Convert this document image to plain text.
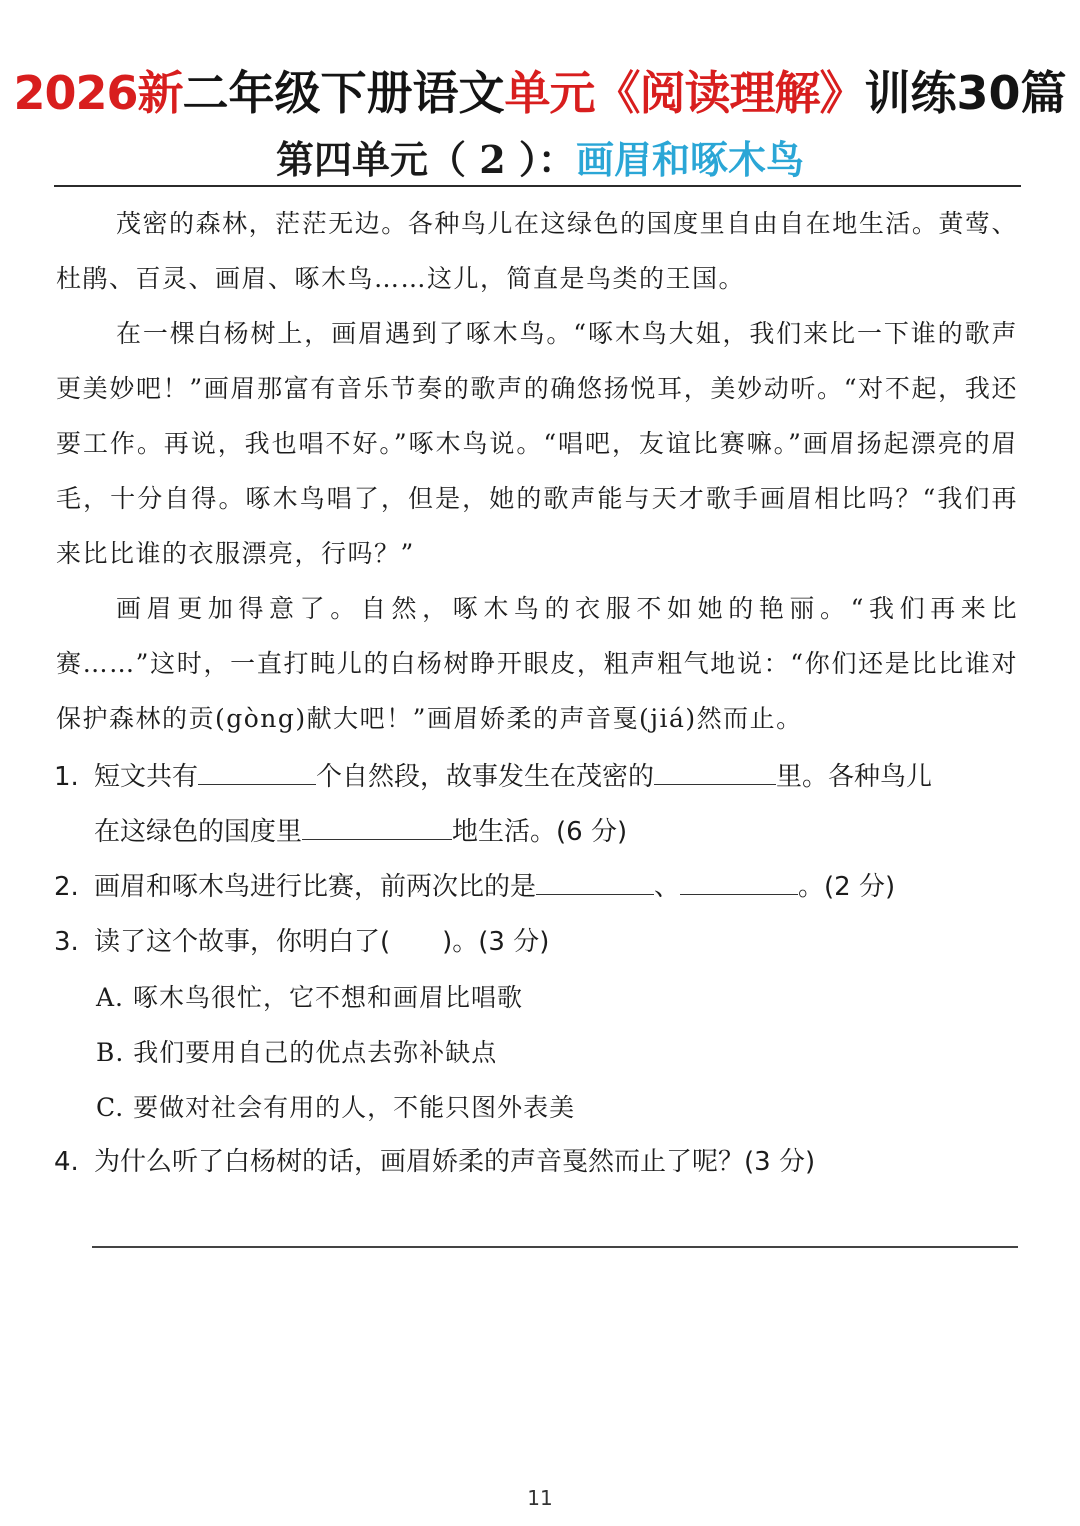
2026新二年级下册语文单元《阅读理解》训练30篇
第四单元（ 2 ）：画眉和啄木鸟

茂密的森林，茫茫无边。各种鸟儿在这绿色的国度里自由自在地生活。黄莺、杜鹃、百灵、画眉、啄木鸟……这儿，简直是鸟类的王国。

在一棵白杨树上，画眉遇到了啄木鸟。“啄木鸟大姐，我们来比一下谁的歌声更美妙吧！”画眉那富有音乐节奏的歌声的确悠扬悦耳，美妙动听。“对不起，我还要工作。再说，我也唱不好。”啄木鸟说。“唱吧，友谊比赛嘛。”画眉扬起漂亮的眉毛，十分自得。啄木鸟唱了，但是，她的歌声能与天才歌手画眉相比吗？“我们再来比比谁的衣服漂亮，行吗？”

画眉更加得意了。自然，啄木鸟的衣服不如她的艳丽。“我们再来比赛……”这时，一直打盹儿的白杨树睁开眼皮，粗声粗气地说：“你们还是比比谁对保护森林的贡(gòng)献大吧！”画眉娇柔的声音戛(jiá)然而止。

1. 短文共有	个自然段，故事发生在茂密的	里。各种鸟儿
在这绿色的国度里	地生活。(6 分)
2. 画眉和啄木鸟进行比赛，前两次比的是	、	。(2 分)
3. 读了这个故事，你明白了(　　)。(3 分)
A. 啄木鸟很忙，它不想和画眉比唱歌
B. 我们要用自己的优点去弥补缺点
C. 要做对社会有用的人，不能只图外表美
4. 为什么听了白杨树的话，画眉娇柔的声音戛然而止了呢？(3 分)
11
